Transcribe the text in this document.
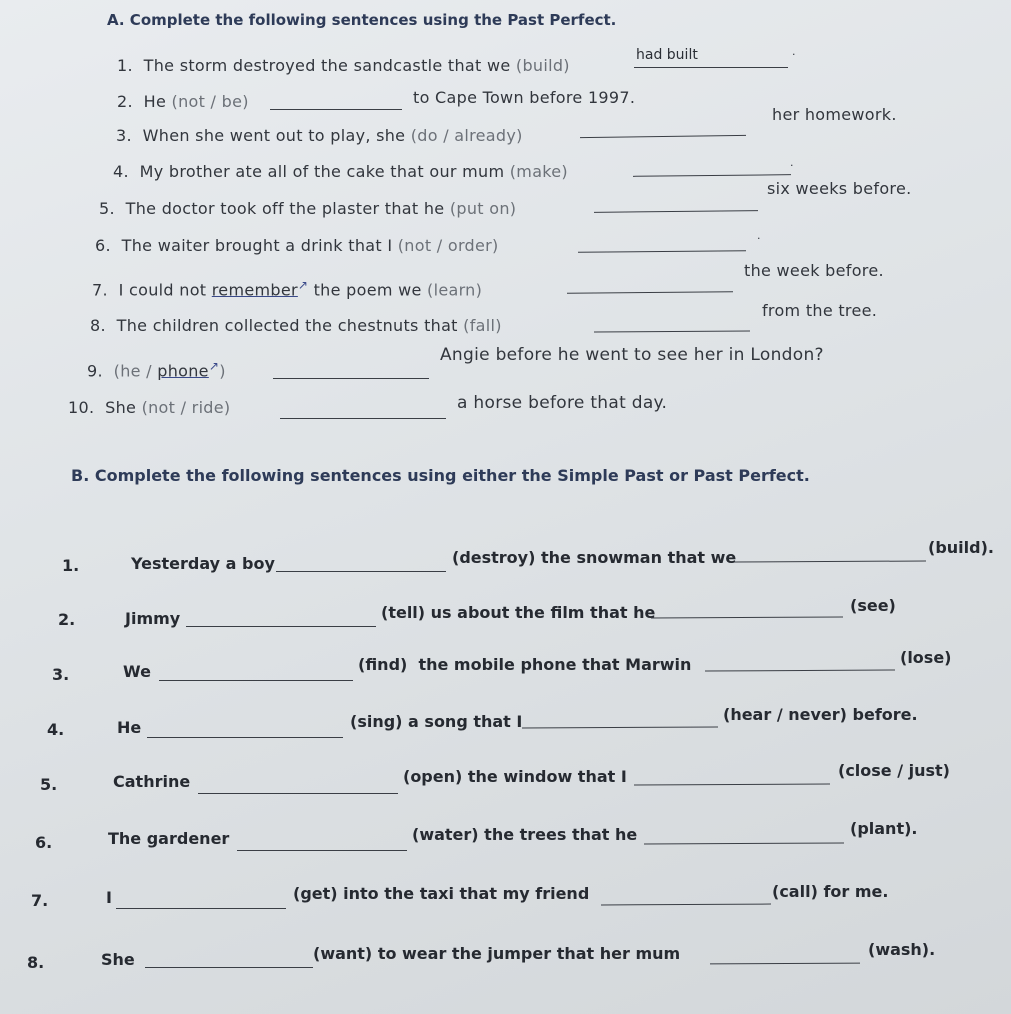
A. Complete the following sentences using the Past Perfect.
1. The storm destroyed the sandcastle that we (build)
had built	.
2. He (not / be)	to Cape Town before 1997.
3. When she went out to play, she (do / already)
her homework.
4. My brother ate all of the cake that our mum (make)	.
5. The doctor took off the plaster that he (put on)
six weeks before.
6. The waiter brought a drink that I (not / order)
.
7. I could not remember↗ the poem we (learn)
the week before.
8. The children collected the chestnuts that (fall)
from the tree.
9. (he / phone↗)
Angie before he went to see her in London?
10. She (not / ride)	a horse before that day.
B. Complete the following sentences using either the Simple Past or Past Perfect.
1.	Yesterday a boy	(destroy) the snowman that we
(build).
2.	Jimmy	(tell) us about the film that he	(see)
3.	We	(find)  the mobile phone that Marwin	(lose)
4.	He	(sing) a song that I	(hear / never) before.
5.	Cathrine	(open) the window that I	(close / just)
6.	The gardener	(water) the trees that he	(plant).
7.	I	(get) into the taxi that my friend	(call) for me.
8.	She	(want) to wear the jumper that her mum	(wash).
